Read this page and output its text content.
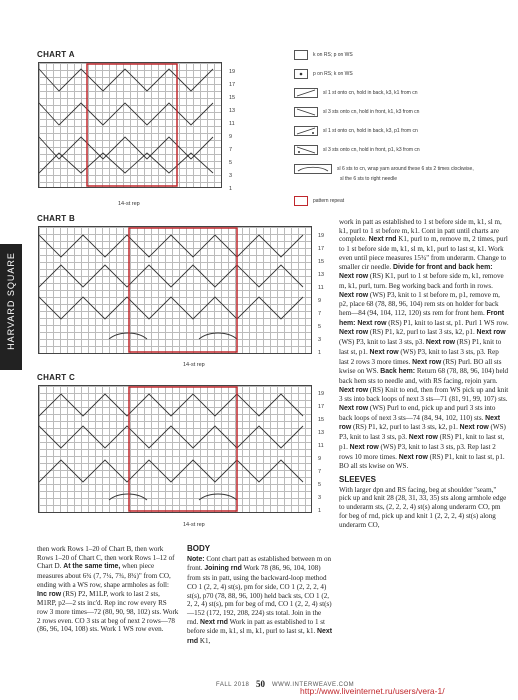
HARVARD SQUARE
CHART A
19
17
15
13
11
9
7
5
3
1
14-st rep
k on RS; p on WS
p on RS; k on WS
sl 1 st onto cn, hold in back, k3, k1 from cn
sl 3 sts onto cn, hold in front, k1, k3 from cn
sl 1 st onto cn, hold in back, k3, p1 from cn
sl 3 sts onto cn, hold in front, p1, k3 from cn
sl 6 sts to cn, wrap yarn around these 6 sts 2 times clockwise,
sl the 6 sts to right needle
pattern repeat
CHART B
19
17
15
13
11
9
7
5
3
1
14-st rep
CHART C
19
17
15
13
11
9
7
5
3
1
14-st rep

work in patt as established to 1 st before side m, k1, sl m, k1, purl to 1 st before m, k1. Cont in patt until charts are complete. Next rnd K1, purl to m, remove m, 2 times, purl to 1 st before side m, k1, sl m, k1, purl to last st, k1. Work even until piece measures 15¾" from underarm. Change to smaller cir needle. Divide for front and back hem: Next row (RS) K1, purl to 1 st before side m, k1, remove m, k1, purl, turn. Beg working back and forth in rows. Next row (WS) P3, knit to 1 st before m, p1, remove m, p2, place 68 (78, 88, 96, 104) rem sts on holder for back hem—84 (94, 104, 112, 120) sts rem for front hem. Front hem: Next row (RS) P1, knit to last st, p1. Purl 1 WS row. Next row (RS) P1, k2, purl to last 3 sts, k2, p1. Next row (WS) P3, knit to last 3 sts, p3. Next row (RS) P1, knit to last st, p1. Next row (WS) P3, knit to last 3 sts, p3. Rep last 2 rows 3 more times. Next row (RS) Purl. BO all sts kwise on WS. Back hem: Return 68 (78, 88, 96, 104) held back hem sts to needle and, with RS facing, rejoin yarn. Next row (RS) Knit to end, then from WS pick up and knit 3 sts into back loops of next 3 sts—71 (81, 91, 99, 107) sts. Next row (WS) Purl to end, pick up and purl 3 sts into back loops of next 3 sts—74 (84, 94, 102, 110) sts. Next row (RS) P1, k2, purl to last 3 sts, k2, p1. Next row (WS) P3, knit to last 3 sts, p3. Next row (RS) P1, knit to last st, p1. Next row (WS) P3, knit to last 3 sts, p3. Rep last 2 rows 10 more times. Next row (RS) P1, knit to last st, p1. BO all sts kwise on WS.

SLEEVES

With larger dpn and RS facing, beg at shoulder "seam," pick up and knit 28 (28, 31, 33, 35) sts along armhole edge to underarm sts, (2, 2, 2, 4) st(s) along underarm CO, pm for beg of rnd, pick up and knit 1 (2, 2, 2, 4) st(s) along underarm CO,

then work Rows 1–20 of Chart B, then work Rows 1–20 of Chart C, then work Rows 1–12 of Chart D. At the same time, when piece measures about 6¾ (7, 7¼, 7¾, 8¾)" from CO, ending with a WS row, shape armholes as foll: Inc row (RS) P2, M1LP, work to last 2 sts, M1RP, p2—2 sts inc'd. Rep inc row every RS row 3 more times—72 (80, 90, 98, 102) sts. Work 2 rows even. CO 3 sts at beg of next 2 rows—78 (86, 96, 104, 108) sts. Work 1 WS row even.

BODY

Note: Cont chart patt as established between m on front. Joining rnd Work 78 (86, 96, 104, 108) from sts in patt, using the backward-loop method CO 1 (2, 2, 4) st(s), pm for side, CO 1 (2, 2, 2, 4) st(s), p70 (78, 88, 96, 100) held back sts, CO 1 (2, 2, 2, 4) st(s), pm for beg of rnd, CO 1 (2, 2, 4) st(s)—152 (172, 192, 208, 224) sts total. Join in the rnd. Next rnd Work in patt as established to 1 st before side m, k1, sl m, k1, purl to last st, k1. Next rnd K1,

FALL 2018 50 WWW.INTERWEAVE.COM
http://www.liveinternet.ru/users/vera-1/
